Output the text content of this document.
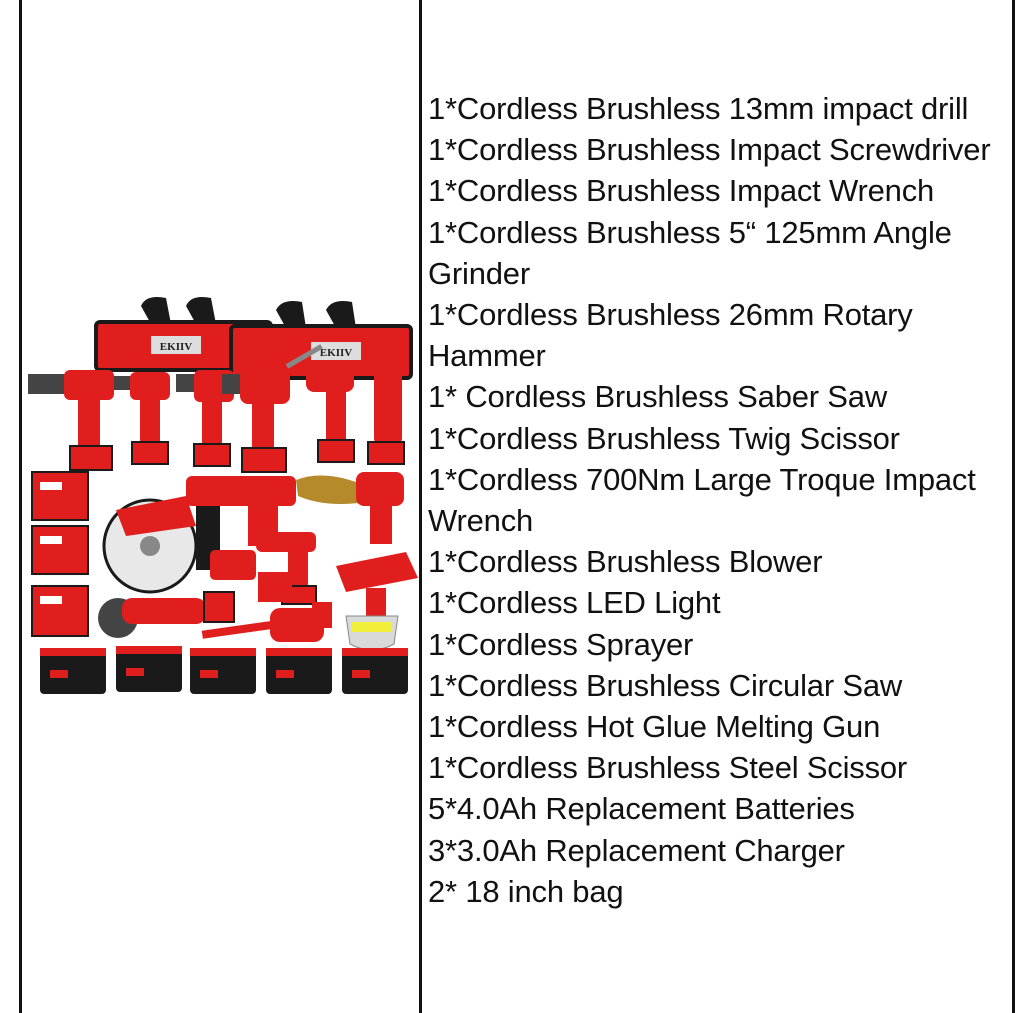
EKIIV	EKIIV
1*Cordless Brushless 13mm impact drill
1*Cordless Brushless Impact Screwdriver
1*Cordless Brushless Impact Wrench
1*Cordless Brushless 5“ 125mm Angle Grinder
1*Cordless Brushless 26mm Rotary Hammer
1* Cordless Brushless Saber Saw
1*Cordless Brushless Twig Scissor
1*Cordless 700Nm Large Troque Impact Wrench
1*Cordless Brushless Blower
1*Cordless LED Light
1*Cordless Sprayer
1*Cordless Brushless Circular Saw
1*Cordless Hot Glue Melting Gun
1*Cordless Brushless Steel Scissor
5*4.0Ah Replacement Batteries
3*3.0Ah Replacement Charger
2* 18 inch bag
